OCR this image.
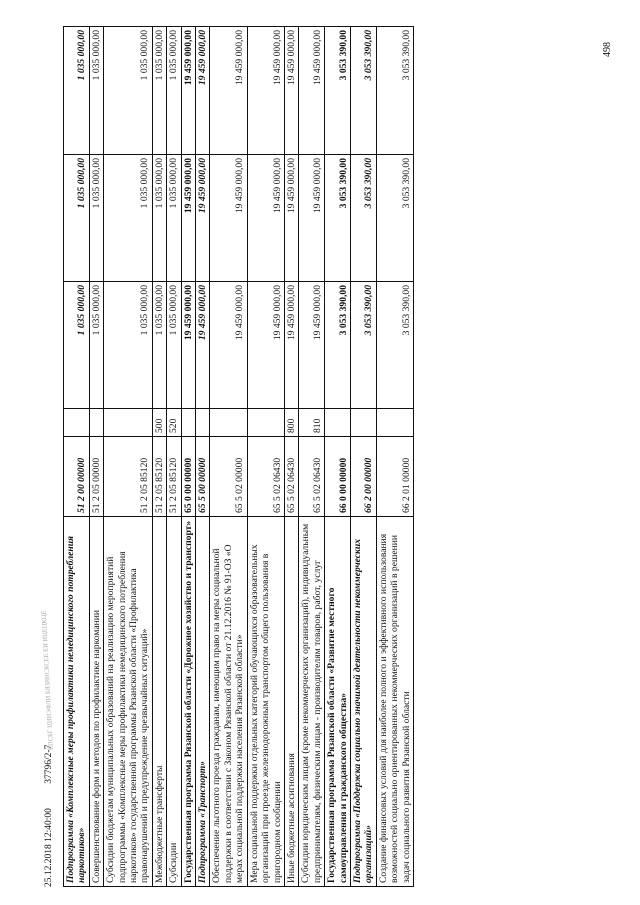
498
25.12.2018 12:40:00 37796/2-7
ЕПСБГ ЦИИЭФЛИ БЯЗЯНСКСЕЕ ЕИ ИЦЕЦКЦЕ Подпрограмма «Комплексные меры профилактики немедицинского потребления наркотиков»	51 2 00 00000		1 035 000,00	1 035 000,00	1 035 000,00
Совершенствование форм и методов по профилактике наркомании	51 2 05 00000		1 035 000,00	1 035 000,00	1 035 000,00
Субсидии бюджетам муниципальных образований на реализацию мероприятий подпрограммы «Комплексные меры профилактики немедицинского потребления наркотиков» государственной программы Рязанской области «Профилактика правонарушений и предупреждение чрезвычайных ситуаций»	51 2 05 85120		1 035 000,00	1 035 000,00	1 035 000,00
Межбюджетные трансферты	51 2 05 85120	500	1 035 000,00	1 035 000,00	1 035 000,00
Субсидии	51 2 05 85120	520	1 035 000,00	1 035 000,00	1 035 000,00
Государственная программа Рязанской области «Дорожное хозяйство и транспорт»	65 0 00 00000		19 459 000,00	19 459 000,00	19 459 000,00
Подпрограмма «Транспорт»	65 5 00 00000		19 459 000,00	19 459 000,00	19 459 000,00
Обеспечение льготного проезда гражданам, имеющим право на меры социальной поддержки в соответствии с Законом Рязанской области от 21.12.2016 № 91-ОЗ «О мерах социальной поддержки населения Рязанской области»	65 5 02 00000		19 459 000,00	19 459 000,00	19 459 000,00
Мера социальной поддержки отдельных категорий обучающихся образовательных организаций при проезде железнодорожным транспортом общего пользования в пригородном сообщении	65 5 02 06430		19 459 000,00	19 459 000,00	19 459 000,00
Иные бюджетные ассигнования	65 5 02 06430	800	19 459 000,00	19 459 000,00	19 459 000,00
Субсидии юридическим лицам (кроме некоммерческих организаций), индивидуальным предпринимателям, физическим лицам - производителям товаров, работ, услуг	65 5 02 06430	810	19 459 000,00	19 459 000,00	19 459 000,00
Государственная программа Рязанской области «Развитие местного самоуправления и гражданского общества»	66 0 00 00000		3 053 390,00	3 053 390,00	3 053 390,00
Подпрограмма «Поддержка социально значимой деятельности некоммерческих организаций»	66 2 00 00000		3 053 390,00	3 053 390,00	3 053 390,00
Создание финансовых условий для наиболее полного и эффективного использования возможностей социально ориентированных некоммерческих организаций в решении задач социального развития Рязанской области	66 2 01 00000		3 053 390,00	3 053 390,00	3 053 390,00
